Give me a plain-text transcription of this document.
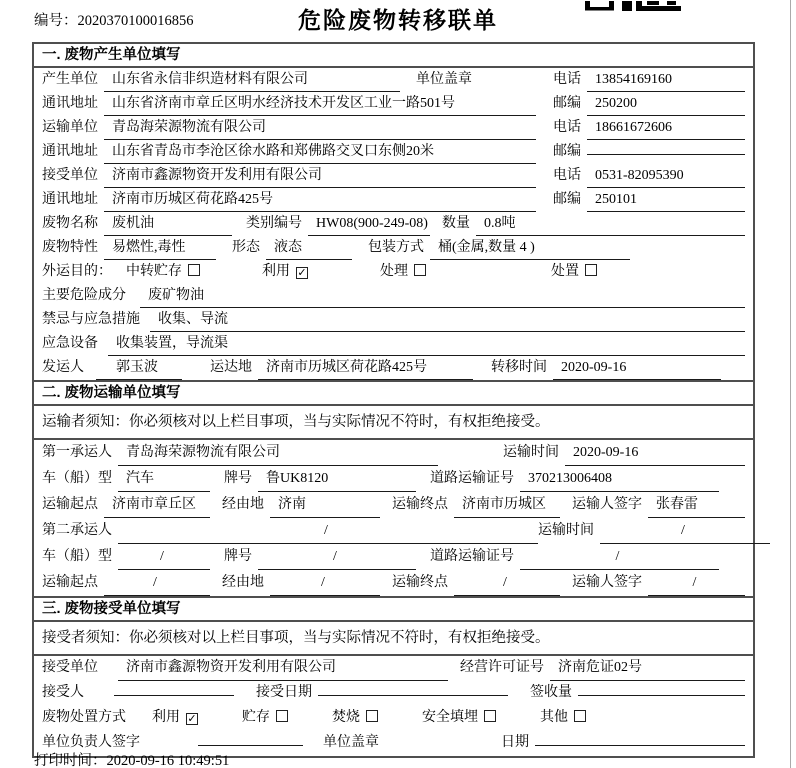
编号：2020370100016856	危险废物转移联单
一. 废物产生单位填写
产生单位	山东省永信非织造材料有限公司	单位盖章	电话	13854169160
通讯地址	山东省济南市章丘区明水经济技术开发区工业一路501号	邮编	250200
运输单位	青岛海荣源物流有限公司	电话	18661672606
通讯地址	山东省青岛市李沧区徐水路和郑佛路交叉口东侧20米	邮编
接受单位	济南市鑫源物资开发利用有限公司	电话	0531-82095390
通讯地址	济南市历城区荷花路425号	邮编	250101
废物名称	废机油	类别编号	HW08(900-249-08) 数量	0.8吨
废物特性	易燃性,毒性	形态	液态	包装方式	桶(金属,数量 4 )
外运目的： 中转贮存	利用 ✓	处理	处置
主要危险成分	废矿物油
禁忌与应急措施	收集、导流
应急设备	收集装置，导流渠
发运人	郭玉波	运达地	济南市历城区荷花路425号	转移时间	2020-09-16
二. 废物运输单位填写
运输者须知：你必须核对以上栏目事项，当与实际情况不符时，有权拒绝接受。
第一承运人	青岛海荣源物流有限公司	运输时间	2020-09-16
车（船）型	汽车	牌号	鲁UK8120	道路运输证号	370213006408
运输起点	济南市章丘区	经由地	济南	运输终点	济南市历城区	运输人签字	张春雷
第二承运人	/	运输时间	/
车（船）型	/	牌号	/	道路运输证号	/
运输起点	/	经由地	/	运输终点	/	运输人签字	/
三. 废物接受单位填写
接受者须知：你必须核对以上栏目事项，当与实际情况不符时，有权拒绝接受。
接受单位	济南市鑫源物资开发利用有限公司	经营许可证号	济南危证02号
接受人	接受日期	签收量
废物处置方式 利用 ✓	贮存	焚烧	安全填埋	其他
单位负责人签字	单位盖章	日期
打印时间：2020-09-16 10:49:51
